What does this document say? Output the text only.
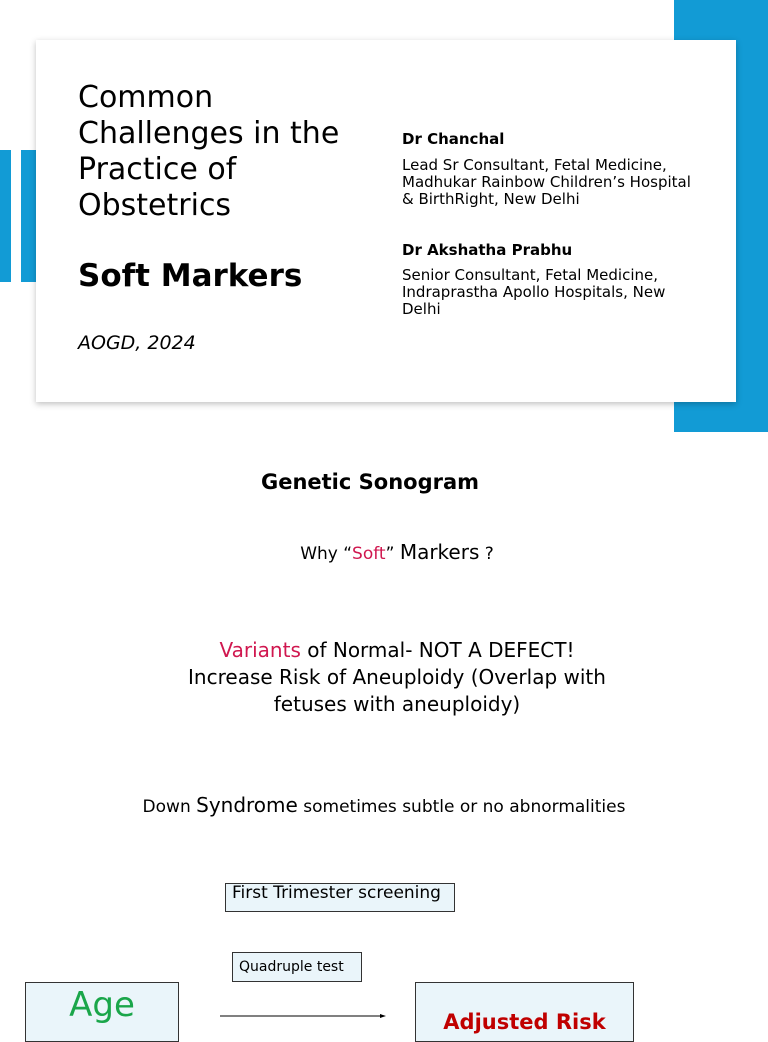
Common Challenges in the Practice of Obstetrics
Soft Markers
AOGD, 2024
Dr Chanchal
Lead Sr Consultant, Fetal Medicine, Madhukar Rainbow Children’s Hospital & BirthRight, New Delhi
Dr Akshatha Prabhu
Senior Consultant, Fetal Medicine, Indraprastha Apollo Hospitals, New Delhi
Genetic Sonogram
Why “Soft” Markers ?
Variants of Normal- NOT A DEFECT!
Increase Risk of Aneuploidy (Overlap with
fetuses with aneuploidy)
Down Syndrome sometimes subtle or no abnormalities
First Trimester screening
Quadruple test
Age	Adjusted Risk
